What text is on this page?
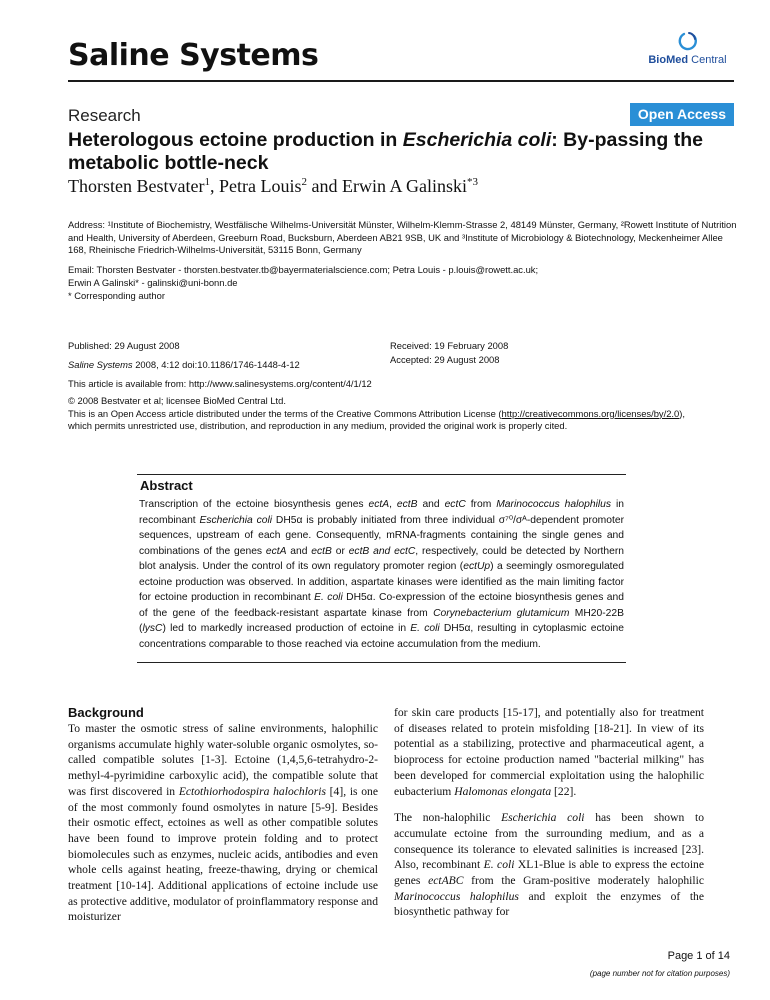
Saline Systems	BioMed Central
Research	Open Access
Heterologous ectoine production in Escherichia coli: By-passing the metabolic bottle-neck
Thorsten Bestvater$^1$, Petra Louis$^2$ and Erwin A Galinski$^{*3}$
Address: ¹Institute of Biochemistry, Westfälische Wilhelms-Universität Münster, Wilhelm-Klemm-Strasse 2, 48149 Münster, Germany, ²Rowett Institute of Nutrition and Health, University of Aberdeen, Greeburn Road, Bucksburn, Aberdeen AB21 9SB, UK and ³Institute of Microbiology & Biotechnology, Meckenheimer Allee 168, Rheinische Friedrich-Wilhelms-Universität, 53115 Bonn, Germany
Email: Thorsten Bestvater - thorsten.bestvater.tb@bayermaterialscience.com; Petra Louis - p.louis@rowett.ac.uk;
Erwin A Galinski* - galinski@uni-bonn.de
* Corresponding author
Published: 29 August 2008
Saline Systems 2008, 4:12 doi:10.1186/1746-1448-4-12
Received: 19 February 2008
Accepted: 29 August 2008
This article is available from: http://www.salinesystems.org/content/4/1/12
© 2008 Bestvater et al; licensee BioMed Central Ltd.
This is an Open Access article distributed under the terms of the Creative Commons Attribution License (http://creativecommons.org/licenses/by/2.0),
which permits unrestricted use, distribution, and reproduction in any medium, provided the original work is properly cited.
Abstract
Transcription of the ectoine biosynthesis genes ectA, ectB and ectC from Marinococcus halophilus in recombinant Escherichia coli DH5α is probably initiated from three individual σ⁷⁰/σᴬ-dependent promoter sequences, upstream of each gene. Consequently, mRNA-fragments containing the single genes and combinations of the genes ectA and ectB or ectB and ectC, respectively, could be detected by Northern blot analysis. Under the control of its own regulatory promoter region (ectUp) a seemingly osmoregulated ectoine production was observed. In addition, aspartate kinases were identified as the main limiting factor for ectoine production in recombinant E. coli DH5α. Co-expression of the ectoine biosynthesis genes and of the gene of the feedback-resistant aspartate kinase from Corynebacterium glutamicum MH20-22B (lysC) led to markedly increased production of ectoine in E. coli DH5α, resulting in cytoplasmic ectoine concentrations comparable to those reached via ectoine accumulation from the medium.
Background

To master the osmotic stress of saline environments, halophilic organisms accumulate highly water-soluble organic osmolytes, so-called compatible solutes [1-3]. Ectoine (1,4,5,6-tetrahydro-2-methyl-4-pyrimidine carboxylic acid), the compatible solute that was first discovered in Ectothiorhodospira halochloris [4], is one of the most commonly found osmolytes in nature [5-9]. Besides their osmotic effect, ectoines as well as other compatible solutes have been found to improve protein folding and to protect biomolecules such as enzymes, nucleic acids, antibodies and even whole cells against heating, freeze-thawing, drying or chemical treatment [10-14]. Additional applications of ectoine include use as protective additive, modulator of proinflammatory response and moisturizer

for skin care products [15-17], and potentially also for treatment of diseases related to protein misfolding [18-21]. In view of its potential as a stabilizing, protective and pharmaceutical agent, a bioprocess for ectoine production named "bacterial milking" has been developed for commercial exploitation using the halophilic eubacterium Halomonas elongata [22].

The non-halophilic Escherichia coli has been shown to accumulate ectoine from the surrounding medium, and as a consequence its tolerance to elevated salinities is increased [23]. Also, recombinant E. coli XL1-Blue is able to express the ectoine genes ectABC from the Gram-positive moderately halophilic Marinococcus halophilus and exploit the enzymes of the biosynthetic pathway for

Page 1 of 14
(page number not for citation purposes)
